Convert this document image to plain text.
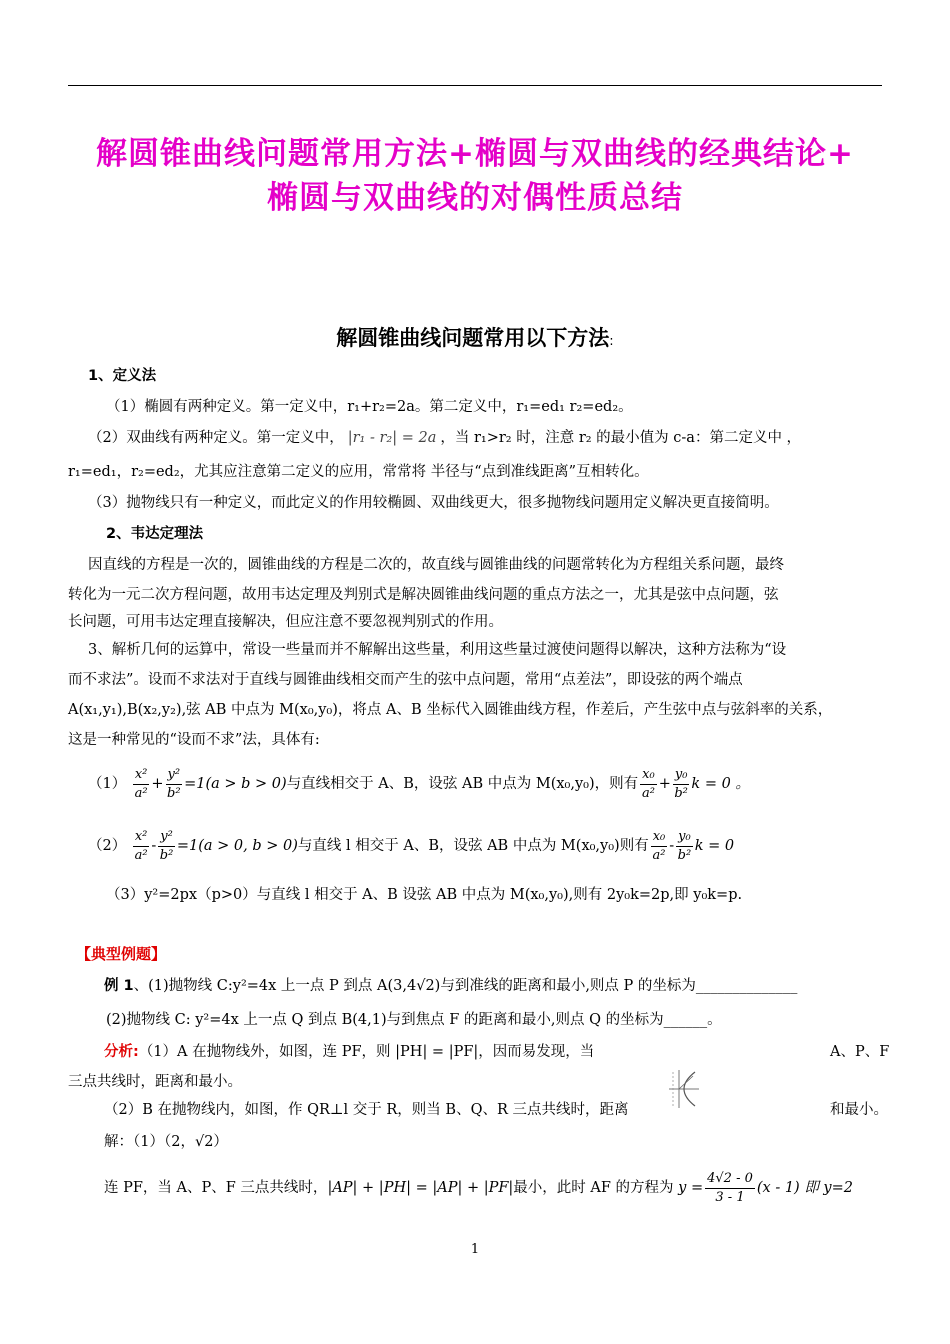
解圆锥曲线问题常用方法+椭圆与双曲线的经典结论+
椭圆与双曲线的对偶性质总结
解圆锥曲线问题常用以下方法:
1、定义法
（1）椭圆有两种定义。第一定义中，r₁+r₂=2a。第二定义中，r₁=ed₁ r₂=ed₂。
（2）双曲线有两种定义。第一定义中， |r₁ - r₂| = 2a ，当 r₁>r₂ 时，注意 r₂ 的最小值为 c-a：第二定义中 ，
r₁=ed₁，r₂=ed₂，尤其应注意第二定义的应用，常常将 半径与“点到准线距离”互相转化。
（3）抛物线只有一种定义，而此定义的作用较椭圆、双曲线更大，很多抛物线问题用定义解决更直接简明。
2、韦达定理法
因直线的方程是一次的，圆锥曲线的方程是二次的，故直线与圆锥曲线的问题常转化为方程组关系问题，最终
转化为一元二次方程问题，故用韦达定理及判别式是解决圆锥曲线问题的重点方法之一，尤其是弦中点问题，弦
长问题，可用韦达定理直接解决，但应注意不要忽视判别式的作用。
3、解析几何的运算中，常设一些量而并不解解出这些量，利用这些量过渡使问题得以解决，这种方法称为“设
而不求法”。设而不求法对于直线与圆锥曲线相交而产生的弦中点问题，常用“点差法”，即设弦的两个端点
A(x₁,y₁),B(x₂,y₂),弦 AB 中点为 M(x₀,y₀)，将点 A、B 坐标代入圆锥曲线方程，作差后，产生弦中点与弦斜率的关系，
这是一种常见的“设而不求”法，具体有:
$(1) \frac{\text{x²}}{\text{a²}} + \frac{\text{y²}}{\text{b²}} =1(a > b > 0)$与直线相交于 A、B，设弦 AB 中点为 M(x₀,y₀)，则有 $\frac{\text{x₀}}{\text{a²}} + \frac{\text{y₀}}{\text{b²}}$ k = 0 。
$(2) \frac{\text{x²}}{\text{a²}} - \frac{\text{y²}}{\text{b²}} =1(a > 0$, b > 0)与直线 l 相交于 A、B，设弦 AB 中点为 M(x₀,y₀)则有 $\frac{\text{x₀}}{\text{a²}} - \frac{\text{y₀}}{\text{b²}}$ k = 0
（3）y²=2px（p>0）与直线 l 相交于 A、B 设弦 AB 中点为 M(x₀,y₀),则有 2y₀k=2p,即 y₀k=p.
【典型例题】
例 1、(1)抛物线 C:y²=4x 上一点 P 到点 A(3,4√2)与到准线的距离和最小,则点 P 的坐标为______________
(2)抛物线 C: y²=4x 上一点 Q 到点 B(4,1)与到焦点 F 的距离和最小,则点 Q 的坐标为______。
分析:（1）A 在抛物线外，如图，连 PF，则 |PH| = |PF|，因而易发现，当	A、P、F
三点共线时，距离和最小。
（2）B 在抛物线内，如图，作 QR⊥l 交于 R，则当 B、Q、R 三点共线时，距离	和最小。
解：（1）（2，√2）
连 PF，当 A、P、F 三点共线时，|AP| + |PH| = |AP| + |PF|最小，此时 AF 的方程为 $y = \frac{4√2 - 0}{3 - 1} (x - 1)$ 即 y=2
1
